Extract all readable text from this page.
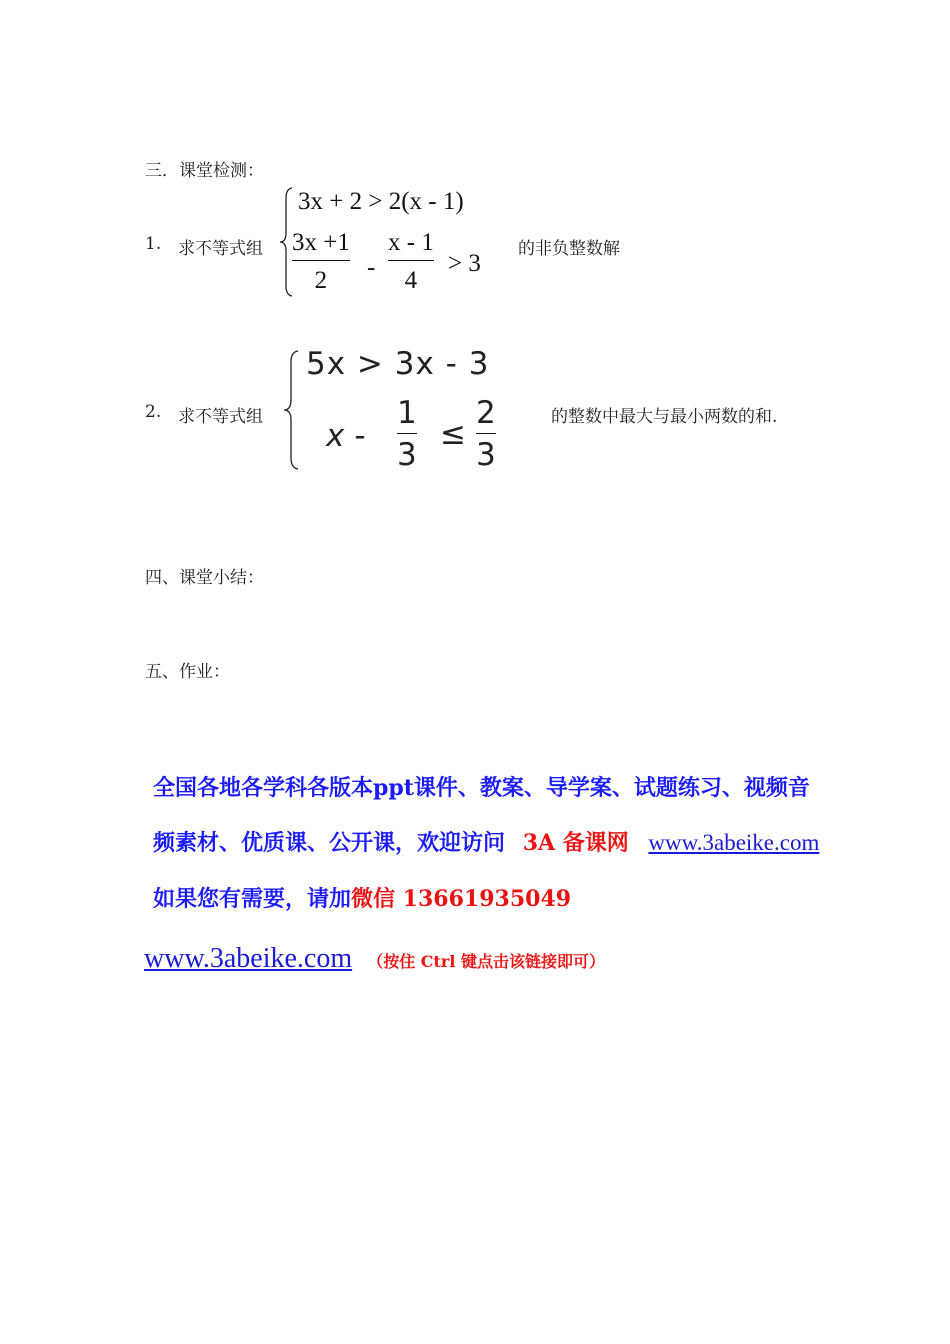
三．课堂检测：
1. 求不等式组
3x + 2 > 2(x - 1)
3x +1
2 -
x - 1
4
> 3
的非负整数解
2. 求不等式组
5x > 3x - 3
x -
1
3
≤
2
3
的整数中最大与最小两数的和.
四、课堂小结：
五、作业：
全国各地各学科各版本ppt课件、教案、导学案、试题练习、视频音
频素材、优质课、公开课，欢迎访问 3A 备课网 www.3abeike.com
如果您有需要，请加微信 13661935049
www.3abeike.com （按住 Ctrl 键点击该链接即可）
